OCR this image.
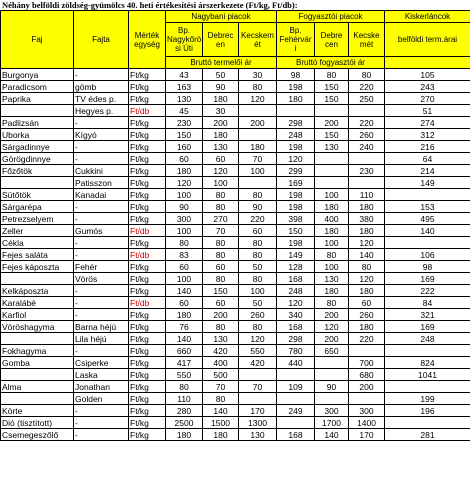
Néhány belföldi zöldség-gyümölcs 40. heti értékesítési árszerkezete (Ft/kg, Ft/db):
Faj	Fajta	Mérték egység	Nagybani piacok			Fogyasztói piacok			Kiskerláncok
			Bp. Nagykőrö si Úti	Debrec en	Kecskem ét	Bp. Fehérvár i	Debre cen	Kecske mét	belföldi term.árai
			Bruttó termelői ár			Bruttó fogyasztói ár			
Burgonya	-	Ft/kg	43	50	30	98	80	80	105
Paradicsom	gömb	Ft/kg	163	90	80	198	150	220	243
Paprika	TV édes p.	Ft/kg	130	180	120	180	150	250	270
	Hegyes p.	Ft/db	45	30					51
Padlizsán	-	Ft/kg	230	200	200	298	200	220	274
Uborka	Kígyó	Ft/kg	150	180		248	150	260	312
Sárgadinnye	-	Ft/kg	160	130	180	198	130	240	216
Görögdinnye	-	Ft/kg	60	60	70	120			64
Főzőtök	Cukkini	Ft/kg	180	120	100	299		230	214
	Patisszon	Ft/kg	120	100		169			149
Sütőtök	Kanadai	Ft/kg	100	80	80	198	100	110	
Sárgarépa	-	Ft/kg	90	80	90	198	180	180	153
Petrezselyem	-	Ft/kg	300	270	220	398	400	380	495
Zeller	Gumós	Ft/db	100	70	60	150	180	180	140
Cékla	-	Ft/kg	80	80	80	198	100	120	
Fejes saláta	-	Ft/db	83	80	80	149	80	140	106
Fejes káposzta	Fehér	Ft/kg	60	60	50	128	100	80	98
	Vörös	Ft/kg	100	80	80	168	130	120	169
Kelkáposzta	-	Ft/kg	140	150	100	248	180	180	222
Karalábé	-	Ft/db	60	60	50	120	80	60	84
Karfiol	-	Ft/kg	180	200	260	340	200	260	321
Vöröshagyma	Barna héjú	Ft/kg	76	80	80	168	120	180	169
	Lila héjú	Ft/kg	140	130	120	298	200	220	248
Fokhagyma	-	Ft/kg	660	420	550	780	650		
Gomba	Csiperke	Ft/kg	417	400	420	440		700	824
	Laska	Ft/kg	550	500				680	1041
Alma	Jonathan	Ft/kg	80	70	70	109	90	200	
	Golden	Ft/kg	110	80					199
Körte	-	Ft/kg	280	140	170	249	300	300	196
Dió (tisztított)	-	Ft/kg	2500	1500	1300		1700	1400	
Csemegeszőlő	-	Ft/kg	180	180	130	168	140	170	281
